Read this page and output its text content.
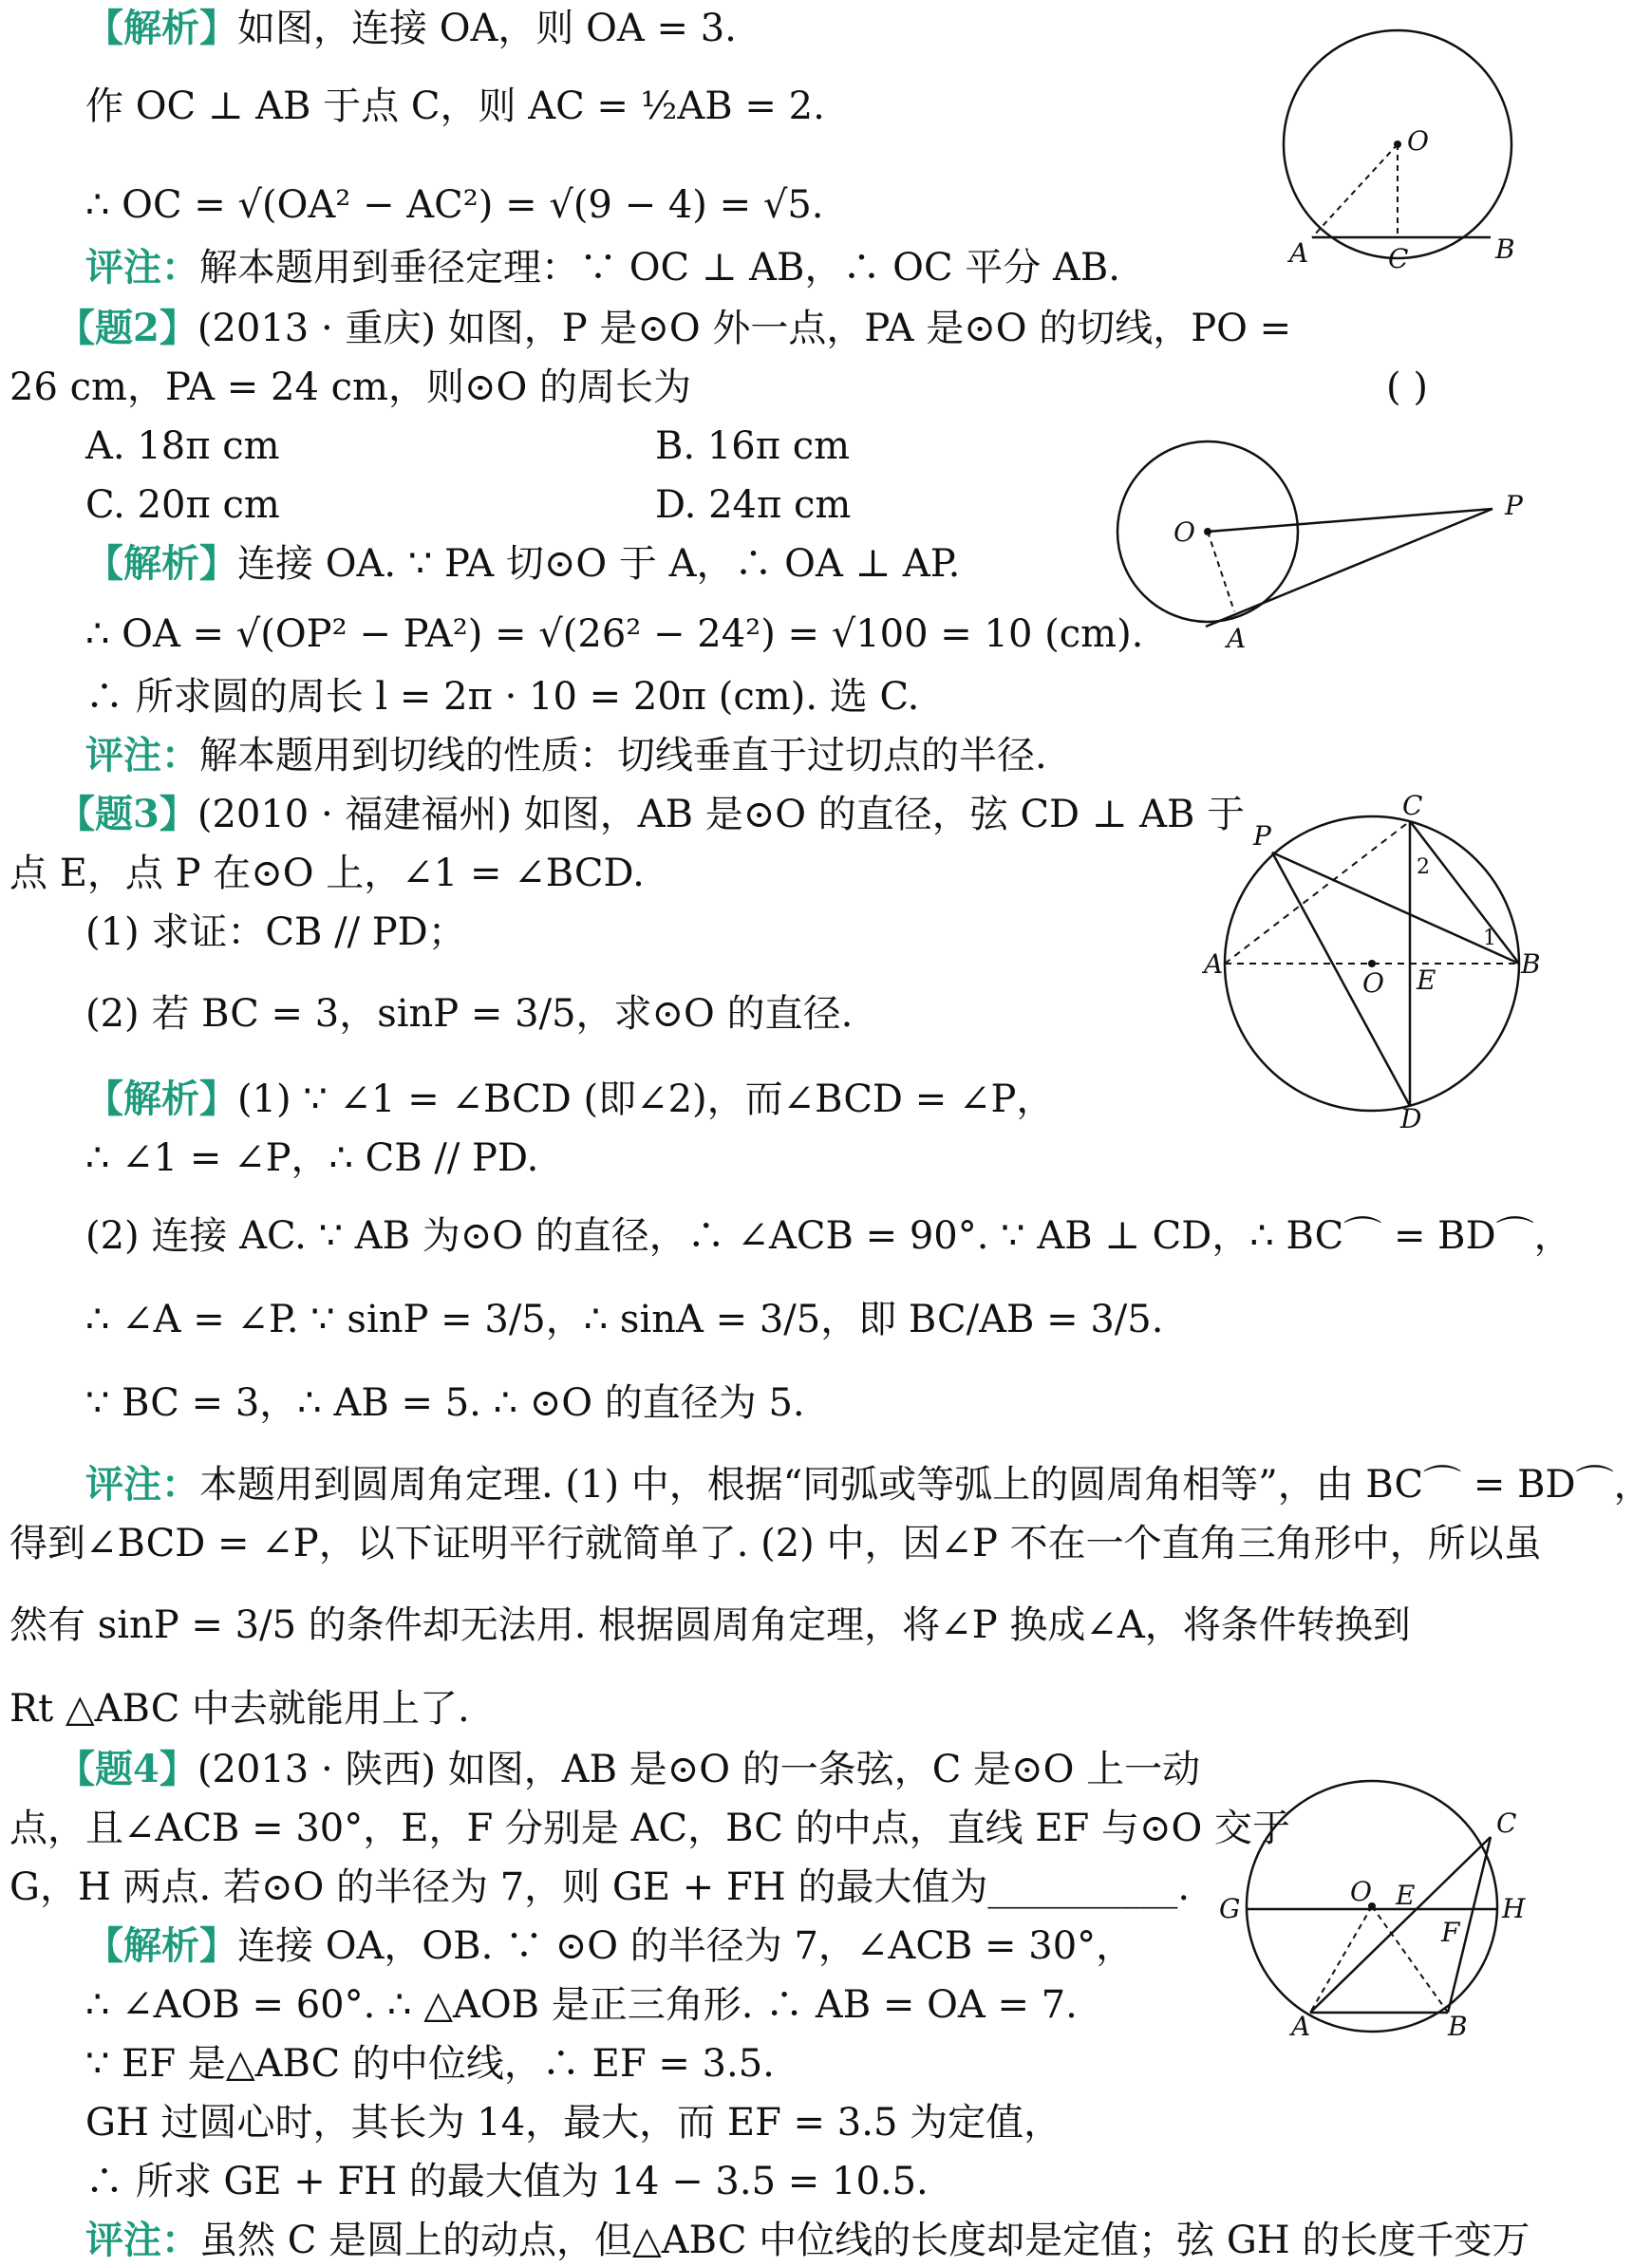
【解析】如图，连接 OA，则 OA = 3.
作 OC ⊥ AB 于点 C，则 AC = ½AB = 2.
∴ OC = √(OA² − AC²) = √(9 − 4) = √5.
评注：解本题用到垂径定理：∵ OC ⊥ AB，∴ OC 平分 AB.
O
A	B
C
【题2】(2013 · 重庆) 如图，P 是⊙O 外一点，PA 是⊙O 的切线，PO =
26 cm，PA = 24 cm，则⊙O 的周长为	( )
A. 18π cm	B. 16π cm
C. 20π cm	D. 24π cm
【解析】连接 OA. ∵ PA 切⊙O 于 A，∴ OA ⊥ AP.
∴ OA = √(OP² − PA²) = √(26² − 24²) = √100 = 10 (cm).
∴ 所求圆的周长 l = 2π · 10 = 20π (cm). 选 C.
评注：解本题用到切线的性质：切线垂直于过切点的半径.
O
A
P
【题3】(2010 · 福建福州) 如图，AB 是⊙O 的直径，弦 CD ⊥ AB 于
点 E，点 P 在⊙O 上，∠1 = ∠BCD.
(1) 求证：CB // PD；
(2) 若 BC = 3，sinP = 3/5，求⊙O 的直径.
【解析】(1) ∵ ∠1 = ∠BCD (即∠2)，而∠BCD = ∠P，
∴ ∠1 = ∠P，∴ CB // PD.
(2) 连接 AC. ∵ AB 为⊙O 的直径，∴ ∠ACB = 90°. ∵ AB ⊥ CD，∴ BC⌒ = BD⌒，
∴ ∠A = ∠P. ∵ sinP = 3/5，∴ sinA = 3/5，即 BC/AB = 3/5.
∵ BC = 3，∴ AB = 5. ∴ ⊙O 的直径为 5.
评注：本题用到圆周角定理. (1) 中，根据“同弧或等弧上的圆周角相等”，由 BC⌒ = BD⌒，
得到∠BCD = ∠P，以下证明平行就简单了. (2) 中，因∠P 不在一个直角三角形中，所以虽
然有 sinP = 3/5 的条件却无法用. 根据圆周角定理，将∠P 换成∠A，将条件转换到
Rt △ABC 中去就能用上了.
C
P
A	B
O E
D
2
1
【题4】(2013 · 陕西) 如图，AB 是⊙O 的一条弦，C 是⊙O 上一动
点，且∠ACB = 30°，E，F 分别是 AC，BC 的中点，直线 EF 与⊙O 交于
G，H 两点. 若⊙O 的半径为 7，则 GE + FH 的最大值为__________.
【解析】连接 OA，OB. ∵ ⊙O 的半径为 7，∠ACB = 30°，
∴ ∠AOB = 60°. ∴ △AOB 是正三角形. ∴ AB = OA = 7.
∵ EF 是△ABC 的中位线，∴ EF = 3.5.
GH 过圆心时，其长为 14，最大，而 EF = 3.5 为定值，
∴ 所求 GE + FH 的最大值为 14 − 3.5 = 10.5.
评注：虽然 C 是圆上的动点，但△ABC 中位线的长度却是定值；弦 GH 的长度千变万
O E
F
G	H
C
A	B
